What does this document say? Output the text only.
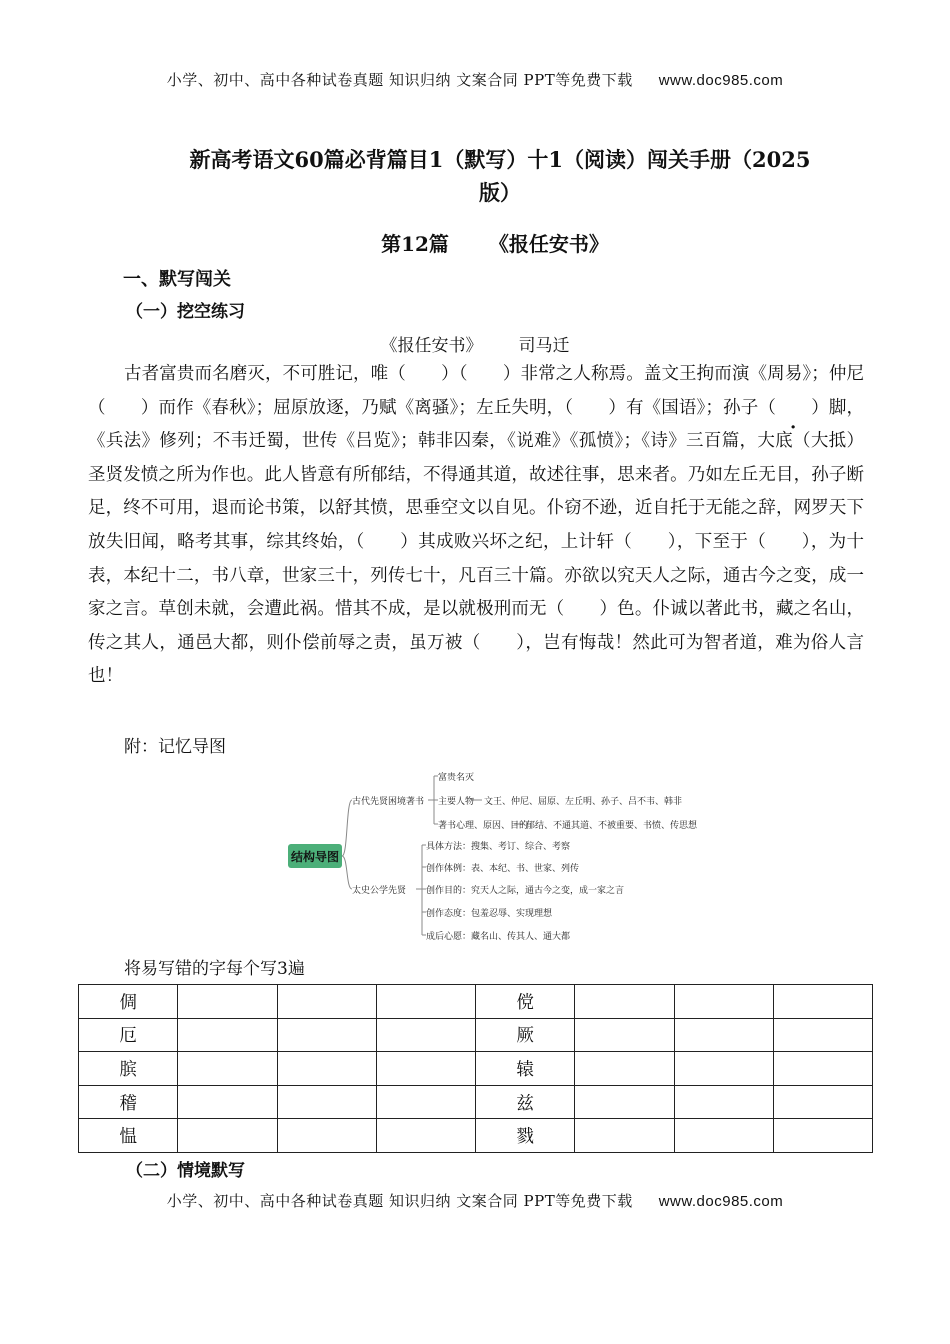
小学、初中、高中各种试卷真题 知识归纳 文案合同 PPT等免费下载 www.doc985.com
新高考语文60篇必背篇目1（默写）十1（阅读）闯关手册（2025
版）
第12篇 《报任安书》
一、默写闯关
（一）挖空练习
《报任安书》 司马迁
古者富贵而名磨灭，不可胜记，唯（　　）（　　）非常之人称焉。盖文王拘而演《周易》；仲尼（　　）而作《春秋》；屈原放逐，乃赋《离骚》；左丘失明，（　　）有《国语》；孙子（　　）脚，《兵法》修列；不韦迁蜀，世传《吕览》；韩非囚秦，《说难》《孤愤》；《诗》三百篇，大底（大抵）圣贤发愤之所为作也。此人皆意有所郁结，不得通其道，故述往事，思来者。乃如左丘无目，孙子断足，终不可用，退而论书策，以舒其愤，思垂空文以自见。仆窃不逊，近自托于无能之辞，网罗天下放失旧闻，略考其事，综其终始，（　　）其成败兴坏之纪，上计轩（　　），下至于（　　），为十表，本纪十二，书八章，世家三十，列传七十，凡百三十篇。亦欲以究天人之际，通古今之变，成一家之言。草创未就，会遭此祸。惜其不成，是以就极刑而无（　　）色。仆诚以著此书，藏之名山，传之其人，通邑大都，则仆偿前辱之责，虽万被（　　），岂有悔哉！然此可为智者道，难为俗人言也！
附：记忆导图
结构导图
古代先贤困境著书
富贵名灭
主要人物 文王、仲尼、屈原、左丘明、孙子、吕不韦、韩非
著书心理、原因、目的
郁结、不通其道、不被重要、书愤、传思想
太史公学先贤
具体方法：搜集、考订、综合、考察
创作体例：表、本纪、书、世家、列传
创作目的：究天人之际，通古今之变，成一家之言
创作态度：包羞忍辱、实现理想
成后心愿：藏名山、传其人、通大都
将易写错的字每个写3遍
倜				傥			
厄				厥			
膑				辕			
稽				兹			
愠				戮			
（二）情境默写
小学、初中、高中各种试卷真题 知识归纳 文案合同 PPT等免费下载 www.doc985.com
